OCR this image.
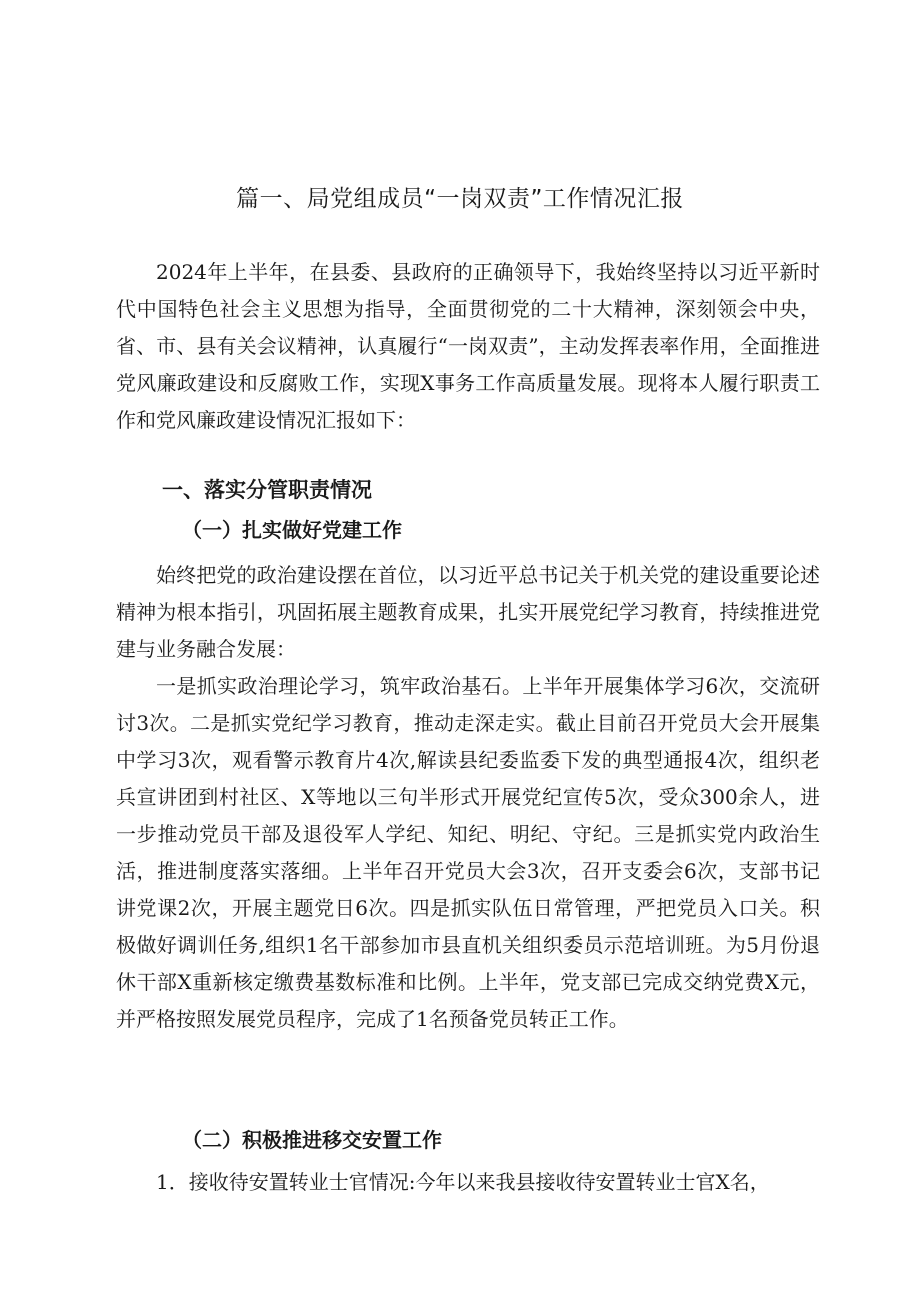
篇一、局党组成员“一岗双责”工作情况汇报

2024年上半年，在县委、县政府的正确领导下，我始终坚持以习近平新时代中国特色社会主义思想为指导，全面贯彻党的二十大精神，深刻领会中央，省、市、县有关会议精神，认真履行“一岗双责”，主动发挥表率作用，全面推进党风廉政建设和反腐败工作，实现X事务工作高质量发展。现将本人履行职责工作和党风廉政建设情况汇报如下：

一、落实分管职责情况
（一）扎实做好党建工作

始终把党的政治建设摆在首位，以习近平总书记关于机关党的建设重要论述精神为根本指引，巩固拓展主题教育成果，扎实开展党纪学习教育，持续推进党建与业务融合发展：

一是抓实政治理论学习，筑牢政治基石。上半年开展集体学习6次，交流研讨3次。二是抓实党纪学习教育，推动走深走实。截止目前召开党员大会开展集中学习3次，观看警示教育片4次,解读县纪委监委下发的典型通报4次，组织老兵宣讲团到村社区、X等地以三句半形式开展党纪宣传5次，受众300余人，进一步推动党员干部及退役军人学纪、知纪、明纪、守纪。三是抓实党内政治生活，推进制度落实落细。上半年召开党员大会3次，召开支委会6次，支部书记讲党课2次，开展主题党日6次。四是抓实队伍日常管理，严把党员入口关。积极做好调训任务,组织1名干部参加市县直机关组织委员示范培训班。为5月份退休干部X重新核定缴费基数标准和比例。上半年，党支部已完成交纳党费X元，并严格按照发展党员程序，完成了1名预备党员转正工作。

（二）积极推进移交安置工作

1．接收待安置转业士官情况:今年以来我县接收待安置转业士官X名，
